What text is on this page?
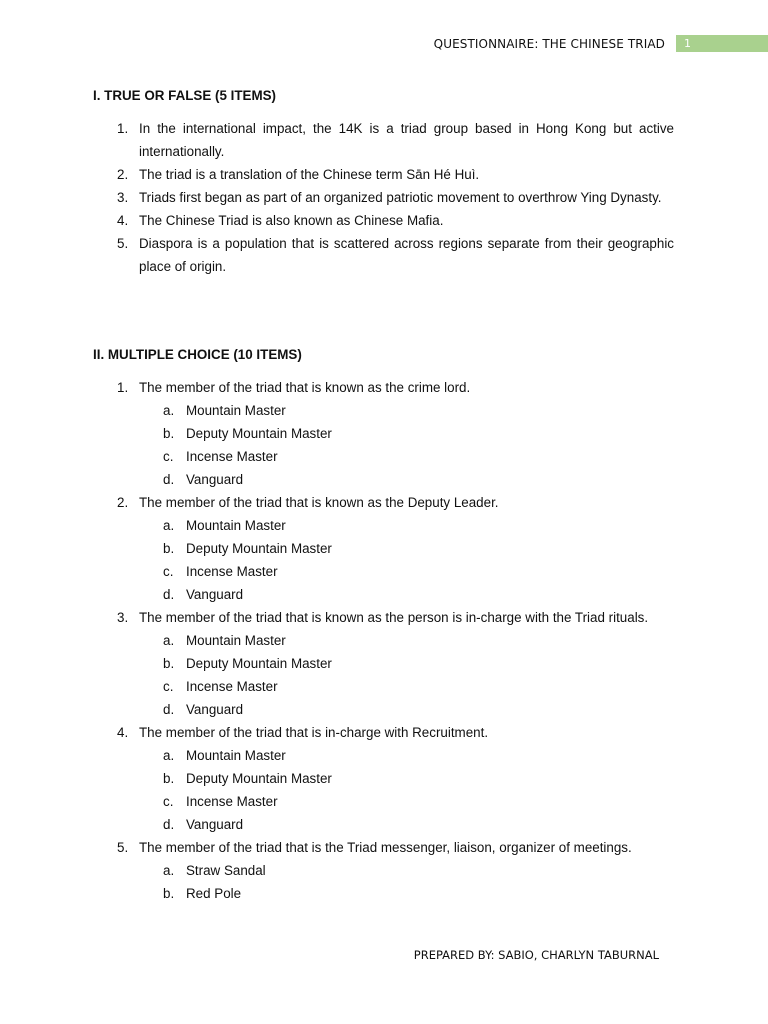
QUESTIONNAIRE: THE CHINESE TRIAD	1
I. TRUE OR FALSE (5 ITEMS)
1. In the international impact, the 14K is a triad group based in Hong Kong but active internationally.
2. The triad is a translation of the Chinese term Sān Hé Huì.
3. Triads first began as part of an organized patriotic movement to overthrow Ying Dynasty.
4. The Chinese Triad is also known as Chinese Mafia.
5. Diaspora is a population that is scattered across regions separate from their geographic place of origin.
II. MULTIPLE CHOICE (10 ITEMS)
1. The member of the triad that is known as the crime lord.
a. Mountain Master
b. Deputy Mountain Master
c. Incense Master
d. Vanguard
2. The member of the triad that is known as the Deputy Leader.
a. Mountain Master
b. Deputy Mountain Master
c. Incense Master
d. Vanguard
3. The member of the triad that is known as the person is in-charge with the Triad rituals.
a. Mountain Master
b. Deputy Mountain Master
c. Incense Master
d. Vanguard
4. The member of the triad that is in-charge with Recruitment.
a. Mountain Master
b. Deputy Mountain Master
c. Incense Master
d. Vanguard
5. The member of the triad that is the Triad messenger, liaison, organizer of meetings.
a. Straw Sandal
b. Red Pole
PREPARED BY: SABIO, CHARLYN TABURNAL
